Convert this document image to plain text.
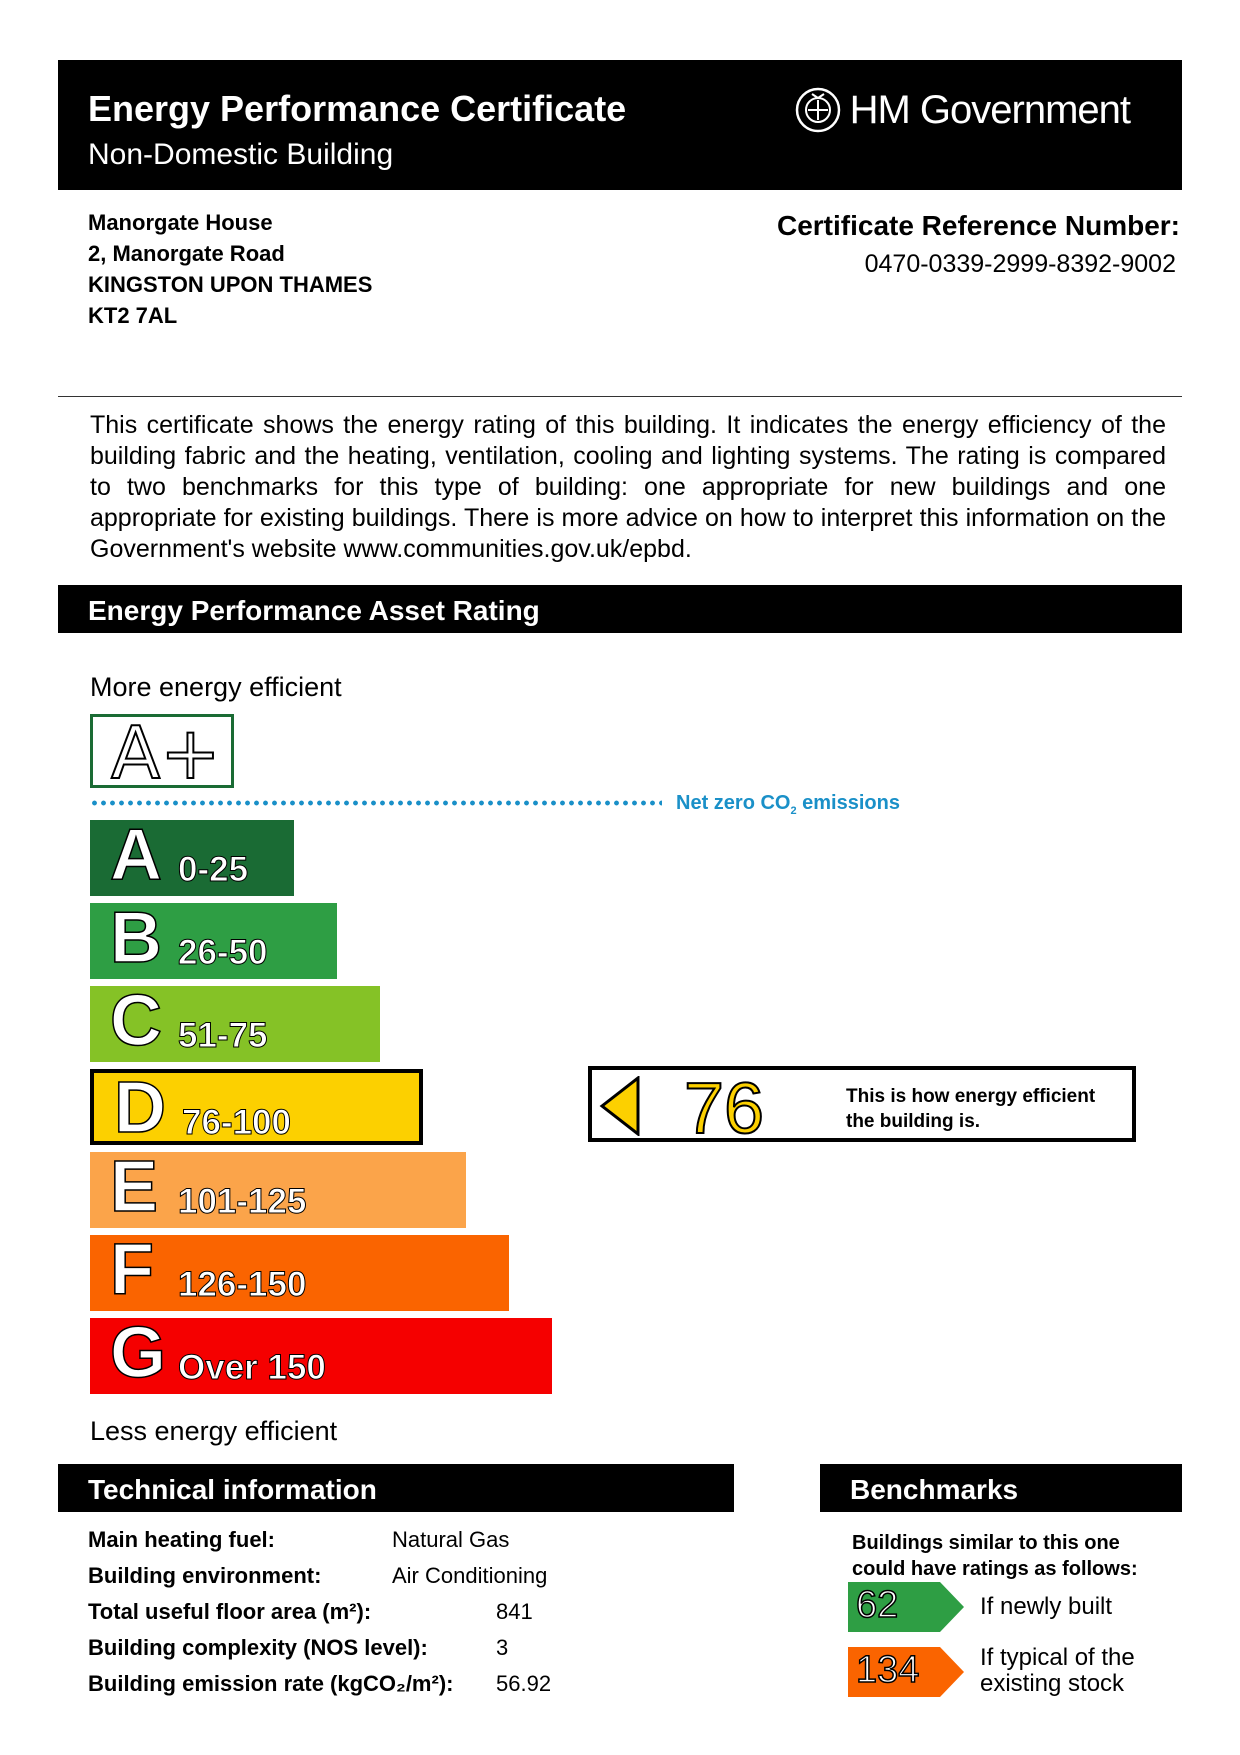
Energy Performance Certificate
Non-Domestic Building
HM Government
Manorgate House
2, Manorgate Road
KINGSTON UPON THAMES
KT2 7AL
Certificate Reference Number:
0470-0339-2999-8392-9002
This certificate shows the energy rating of this building. It indicates the energy efficiency of the building fabric and the heating, ventilation, cooling and lighting systems. The rating is compared to two benchmarks for this type of building: one appropriate for new buildings and one appropriate for existing buildings. There is more advice on how to interpret this information on the Government's website www.communities.gov.uk/epbd.
Energy Performance Asset Rating
More energy efficient
A+
Net zero $CO_2$ emissions
A 0-25
B 26-50
C 51-75
D 76-100
E 101-125
F 126-150
G Over 150
76	This is how energy efficient
the building is.
Less energy efficient
Technical information
Main heating fuel:	Natural Gas
Building environment:	Air Conditioning
Total useful floor area (m²):	841
Building complexity (NOS level):	3
Building emission rate (kgCO₂/m²): 56.92
Benchmarks
Buildings similar to this one
could have ratings as follows:
62	If newly built
134	If typical of the
existing stock
